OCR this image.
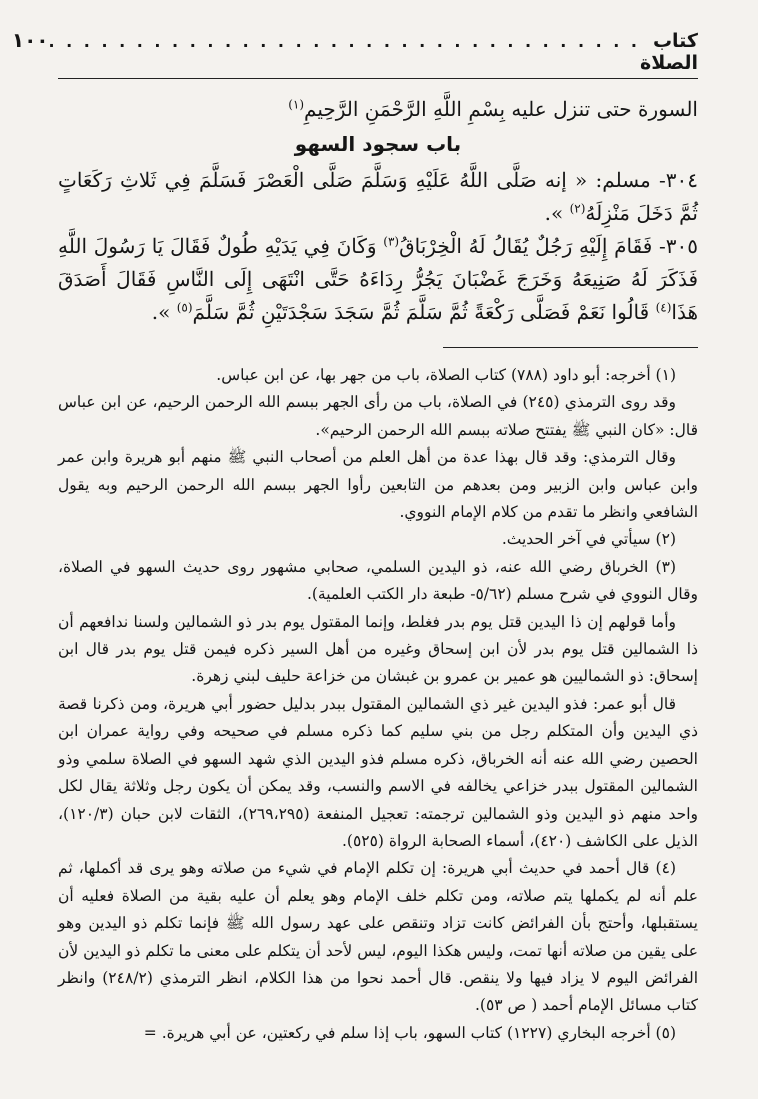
كتاب الصلاة
. . . . . . . . . . . . . . . . . . . . . . . . . . . . . . . . . .
١٠٠

السورة حتى تنزل عليه بِسْمِ اللَّهِ الرَّحْمَنِ الرَّحِيمِ$^{(١)}$

باب سجود السهو

٣٠٤- مسلم: « إنه صَلَّى اللَّهُ عَلَيْهِ وَسَلَّمَ صَلَّى الْعَصْرَ فَسَلَّمَ فِي ثَلاثِ رَكَعَاتٍ ثُمَّ دَخَلَ مَنْزِلَهُ$^{(٢)}$ ».

٣٠٥- فَقَامَ إِلَيْهِ رَجُلٌ يُقَالُ لَهُ الْخِرْبَاقُ$^{(٣)}$ وَكَانَ فِي يَدَيْهِ طُولٌ فَقَالَ يَا رَسُولَ اللَّهِ فَذَكَرَ لَهُ صَنِيعَهُ وَخَرَجَ غَضْبَانَ يَجُرُّ رِدَاءَهُ حَتَّى انْتَهَى إِلَى النَّاسِ فَقَالَ أَصَدَقَ هَذَا$^{(٤)}$ قَالُوا نَعَمْ فَصَلَّى رَكْعَةً ثُمَّ سَلَّمَ ثُمَّ سَجَدَ سَجْدَتَيْنِ ثُمَّ سَلَّمَ$^{(٥)}$ ».

(١) أخرجه: أبو داود (٧٨٨) كتاب الصلاة، باب من جهر بها، عن ابن عباس.

وقد روى الترمذي (٢٤٥) في الصلاة، باب من رأى الجهر ببسم الله الرحمن الرحيم، عن ابن عباس قال: «كان النبي ﷺ يفتتح صلاته ببسم الله الرحمن الرحيم».

وقال الترمذي: وقد قال بهذا عدة من أهل العلم من أصحاب النبي ﷺ منهم أبو هريرة وابن عمر وابن عباس وابن الزبير ومن بعدهم من التابعين رأوا الجهر ببسم الله الرحمن الرحيم وبه يقول الشافعي وانظر ما تقدم من كلام الإمام النووي.

(٢) سيأتي في آخر الحديث.

(٣) الخرباق رضي الله عنه، ذو اليدين السلمي، صحابي مشهور روى حديث السهو في الصلاة، وقال النووي في شرح مسلم (٥/٦٢- طبعة دار الكتب العلمية).

وأما قولهم إن ذا اليدين قتل يوم بدر فغلط، وإنما المقتول يوم بدر ذو الشمالين ولسنا ندافعهم أن ذا الشمالين قتل يوم بدر لأن ابن إسحاق وغيره من أهل السير ذكره فيمن قتل يوم بدر قال ابن إسحاق: ذو الشماليين هو عمير بن عمرو بن غبشان من خزاعة حليف لبني زهرة.

قال أبو عمر: فذو اليدين غير ذي الشمالين المقتول ببدر بدليل حضور أبي هريرة، ومن ذكرنا قصة ذي اليدين وأن المتكلم رجل من بني سليم كما ذكره مسلم في صحيحه وفي رواية عمران ابن الحصين رضي الله عنه أنه الخرباق، ذكره مسلم فذو اليدين الذي شهد السهو في الصلاة سلمي وذو الشمالين المقتول ببدر خزاعي يخالفه في الاسم والنسب، وقد يمكن أن يكون رجل وثلاثة يقال لكل واحد منهم ذو اليدين وذو الشمالين ترجمته: تعجيل المنفعة (٢٦٩،٢٩٥)، الثقات لابن حبان (١٢٠/٣)، الذيل على الكاشف (٤٢٠)، أسماء الصحابة الرواة (٥٢٥).

(٤) قال أحمد في حديث أبي هريرة: إن تكلم الإمام في شيء من صلاته وهو يرى قد أكملها، ثم علم أنه لم يكملها يتم صلاته، ومن تكلم خلف الإمام وهو يعلم أن عليه بقية من الصلاة فعليه أن يستقبلها، وأحتج بأن الفرائض كانت تزاد وتنقص على عهد رسول الله ﷺ فإنما تكلم ذو اليدين وهو على يقين من صلاته أنها تمت، وليس هكذا اليوم، ليس لأحد أن يتكلم على معنى ما تكلم ذو اليدين لأن الفرائض اليوم لا يزاد فيها ولا ينقص. قال أحمد نحوا من هذا الكلام، انظر الترمذي (٢٤٨/٢) وانظر كتاب مسائل الإمام أحمد ( ص ٥٣).

(٥) أخرجه البخاري (١٢٢٧) كتاب السهو، باب إذا سلم في ركعتين، عن أبي هريرة. =
